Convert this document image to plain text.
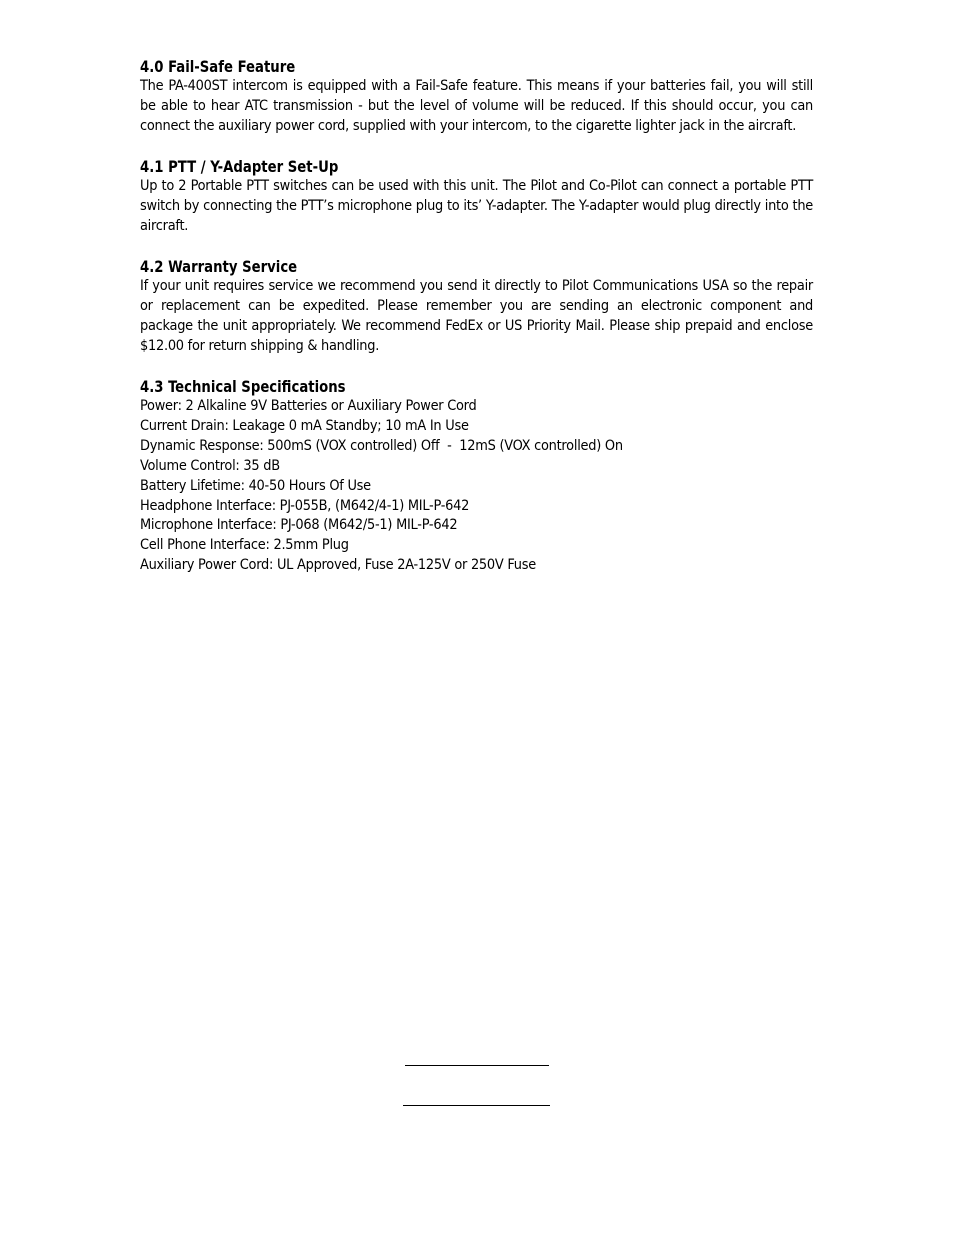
4.0 Fail-Safe Feature

The PA-400ST intercom is equipped with a Fail-Safe feature. This means if your batteries fail, you will still be able to hear ATC transmission - but the level of volume will be reduced. If this should occur, you can connect the auxiliary power cord, supplied with your intercom, to the cigarette lighter jack in the aircraft.

4.1 PTT / Y-Adapter Set-Up

Up to 2 Portable PTT switches can be used with this unit. The Pilot and Co-Pilot can connect a portable PTT switch by connecting the PTT’s microphone plug to its’ Y-adapter. The Y-adapter would plug directly into the aircraft.

4.2 Warranty Service

If your unit requires service we recommend you send it directly to Pilot Communications USA so the repair or replacement can be expedited. Please remember you are sending an electronic component and package the unit appropriately. We recommend FedEx or US Priority Mail. Please ship prepaid and enclose $12.00 for return shipping & handling.

4.3 Technical Specifications
Power: 2 Alkaline 9V Batteries or Auxiliary Power Cord
Current Drain: Leakage 0 mA Standby; 10 mA In Use
Dynamic Response: 500mS (VOX controlled) Off  -  12mS (VOX controlled) On
Volume Control: 35 dB
Battery Lifetime: 40-50 Hours Of Use
Headphone Interface: PJ-055B, (M642/4-1) MIL-P-642
Microphone Interface: PJ-068 (M642/5-1) MIL-P-642
Cell Phone Interface: 2.5mm Plug
Auxiliary Power Cord: UL Approved, Fuse 2A-125V or 250V Fuse
